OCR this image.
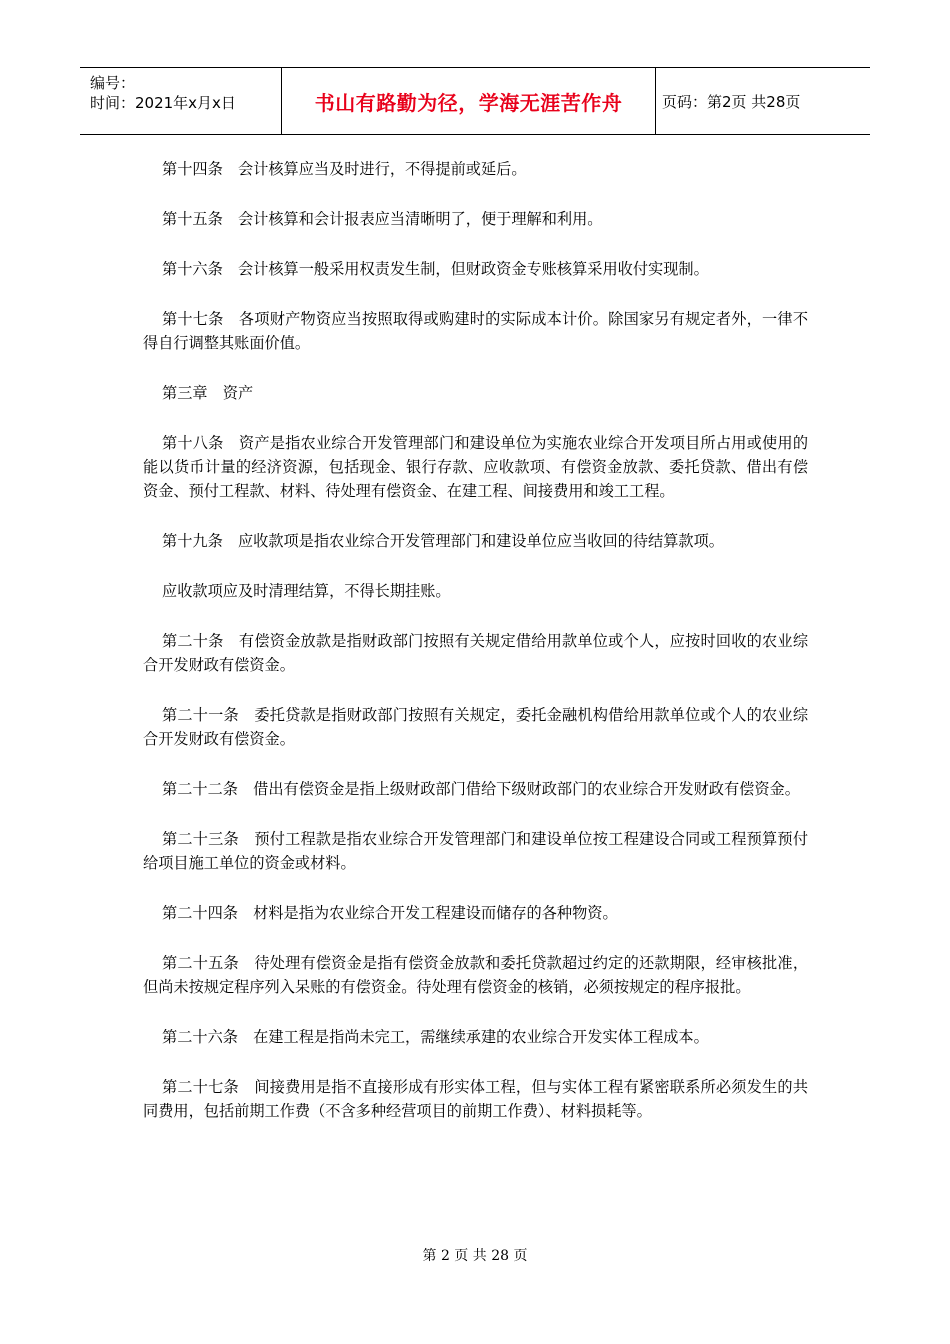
编号：
时间：2021年x月x日	书山有路勤为径，学海无涯苦作舟	页码：第2页 共28页

第十四条　会计核算应当及时进行，不得提前或延后。

第十五条　会计核算和会计报表应当清晰明了，便于理解和利用。

第十六条　会计核算一般采用权责发生制，但财政资金专账核算采用收付实现制。

第十七条　各项财产物资应当按照取得或购建时的实际成本计价。除国家另有规定者外，一律不得自行调整其账面价值。

第三章　资产

第十八条　资产是指农业综合开发管理部门和建设单位为实施农业综合开发项目所占用或使用的能以货币计量的经济资源，包括现金、银行存款、应收款项、有偿资金放款、委托贷款、借出有偿资金、预付工程款、材料、待处理有偿资金、在建工程、间接费用和竣工工程。

第十九条　应收款项是指农业综合开发管理部门和建设单位应当收回的待结算款项。

应收款项应及时清理结算，不得长期挂账。

第二十条　有偿资金放款是指财政部门按照有关规定借给用款单位或个人，应按时回收的农业综合开发财政有偿资金。

第二十一条　委托贷款是指财政部门按照有关规定，委托金融机构借给用款单位或个人的农业综合开发财政有偿资金。

第二十二条　借出有偿资金是指上级财政部门借给下级财政部门的农业综合开发财政有偿资金。

第二十三条　预付工程款是指农业综合开发管理部门和建设单位按工程建设合同或工程预算预付给项目施工单位的资金或材料。

第二十四条　材料是指为农业综合开发工程建设而储存的各种物资。

第二十五条　待处理有偿资金是指有偿资金放款和委托贷款超过约定的还款期限，经审核批准，但尚未按规定程序列入呆账的有偿资金。待处理有偿资金的核销，必须按规定的程序报批。

第二十六条　在建工程是指尚未完工，需继续承建的农业综合开发实体工程成本。

第二十七条　间接费用是指不直接形成有形实体工程，但与实体工程有紧密联系所必须发生的共同费用，包括前期工作费（不含多种经营项目的前期工作费）、材料损耗等。

第 2 页 共 28 页
